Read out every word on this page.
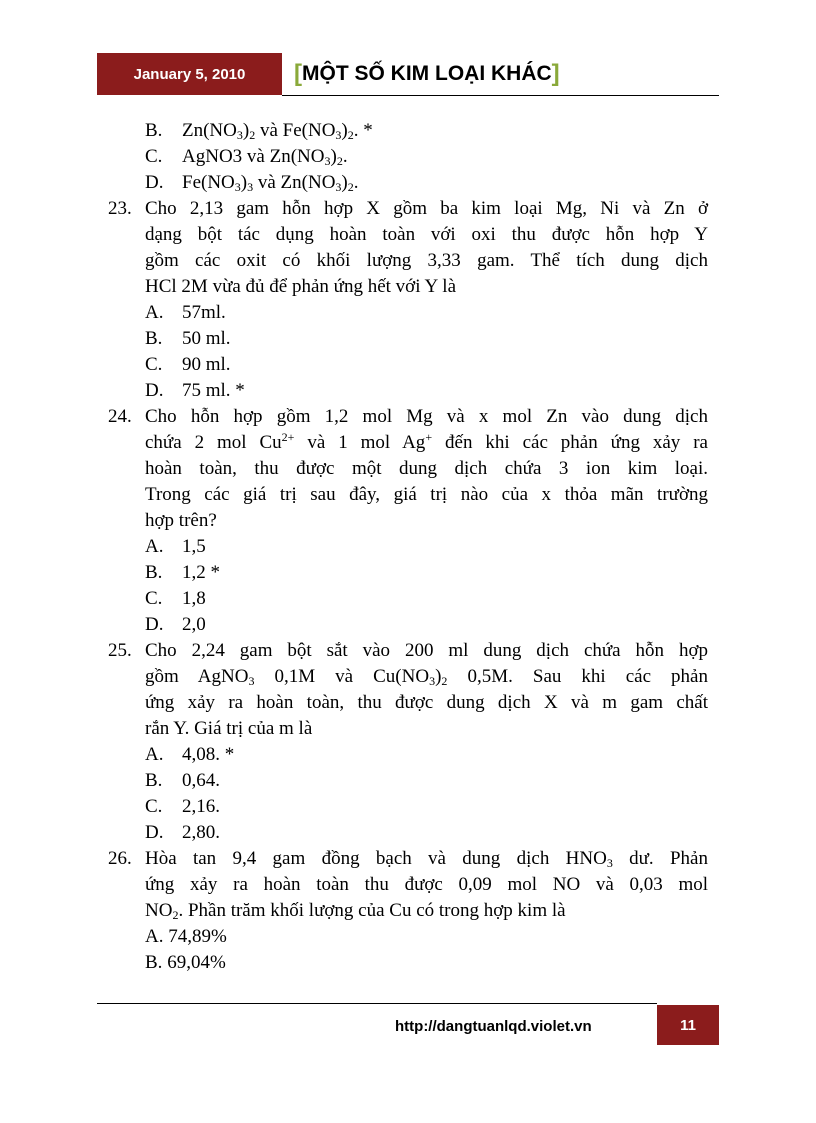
January 5, 2010	[ MỘT SỐ KIM LOẠI KHÁC ]
B.	$Zn(NO_3)_2$ và $Fe(NO_3)_2$. *
C.	AgNO3 và $Zn(NO_3)_2$.
D. $Fe(NO_3)_3$ và $Zn(NO_3)_2$.
23. Cho 2,13 gam hỗn hợp X gồm ba kim loại Mg, Ni và Zn ở
dạng bột tác dụng hoàn toàn với oxi thu được hỗn hợp Y
gồm các oxit có khối lượng 3,33 gam. Thể tích dung dịch
HCl 2M vừa đủ để phản ứng hết với Y là
A. 57ml.
B.	50 ml.
C.	90 ml.
D. 75 ml. *
24. Cho hỗn hợp gồm 1,2 mol Mg và x mol Zn vào dung dịch
chứa 2 mol $Cu^{2+}$ và 1 mol Ag+ đến khi các phản ứng xảy ra
hoàn toàn, thu được một dung dịch chứa 3 ion kim loại.
Trong các giá trị sau đây, giá trị nào của x thỏa mãn trường
hợp trên?
A. 1,5
B.	1,2 *
C.	1,8
D. 2,0
25. Cho 2,24 gam bột sắt vào 200 ml dung dịch chứa hỗn hợp
gồm AgNO$_3$ 0,1M và $Cu(NO_3)_2$ 0,5M. Sau khi các phản
ứng xảy ra hoàn toàn, thu được dung dịch X và m gam chất
rắn Y. Giá trị của m là
A. 4,08. *
B.	0,64.
C.	2,16.
D. 2,80.
26. Hòa tan 9,4 gam đồng bạch và dung dịch $HNO_3$ dư. Phản
ứng xảy ra hoàn toàn thu được 0,09 mol NO và 0,03 mol
$NO_2$. Phần trăm khối lượng của Cu có trong hợp kim là
A. 74,89%
B. 69,04%
http://dangtuanlqd.violet.vn	11
